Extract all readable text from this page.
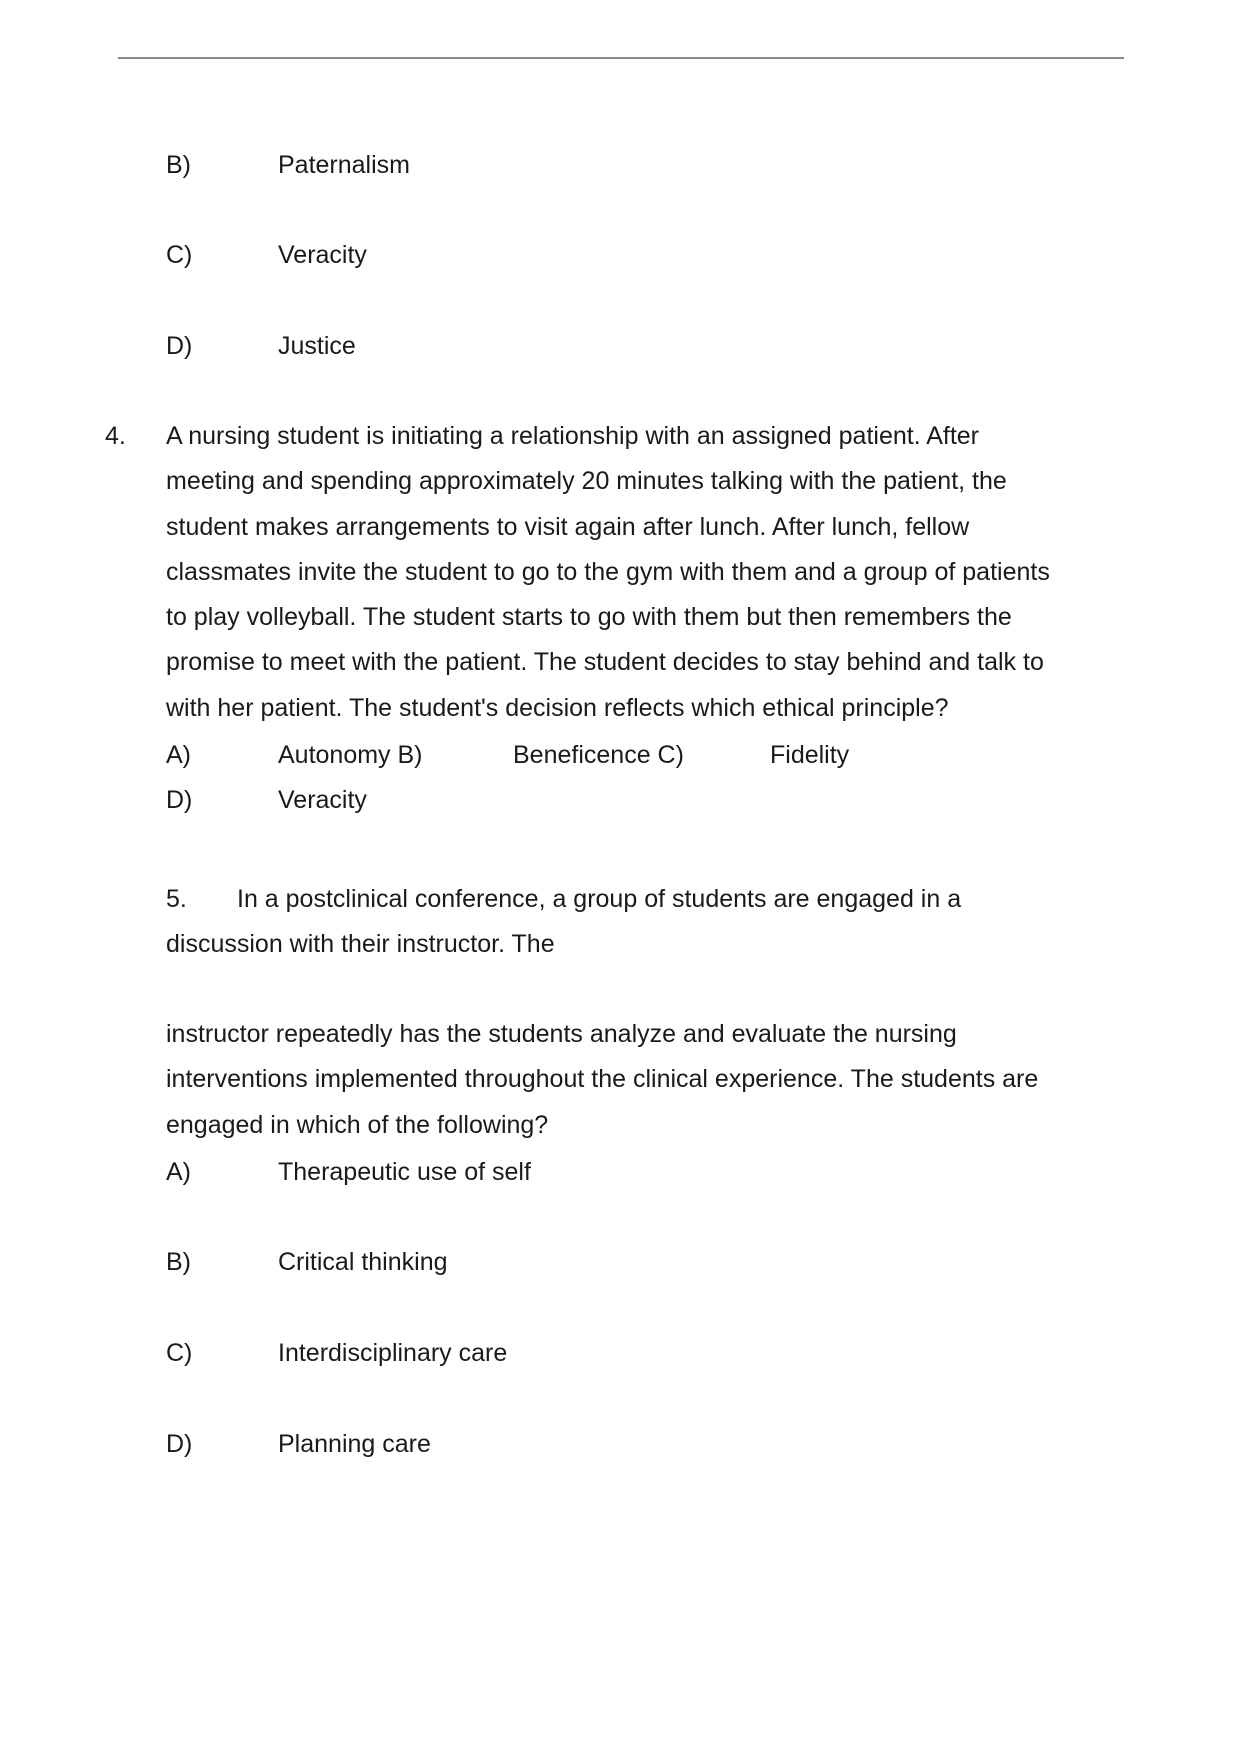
B)	Paternalism
C)	Veracity
D)	Justice
4. A nursing student is initiating a relationship with an assigned patient. After
meeting and spending approximately 20 minutes talking with the patient, the
student makes arrangements to visit again after lunch. After lunch, fellow
classmates invite the student to go to the gym with them and a group of patients
to play volleyball. The student starts to go with them but then remembers the
promise to meet with the patient. The student decides to stay behind and talk to
with her patient. The student's decision reflects which ethical principle?
A)	Autonomy B)	Beneficence C)	Fidelity
D)	Veracity
5. In a postclinical conference, a group of students are engaged in a
discussion with their instructor. The
instructor repeatedly has the students analyze and evaluate the nursing
interventions implemented throughout the clinical experience. The students are
engaged in which of the following?
A)	Therapeutic use of self
B)	Critical thinking
C)	Interdisciplinary care
D)	Planning care
